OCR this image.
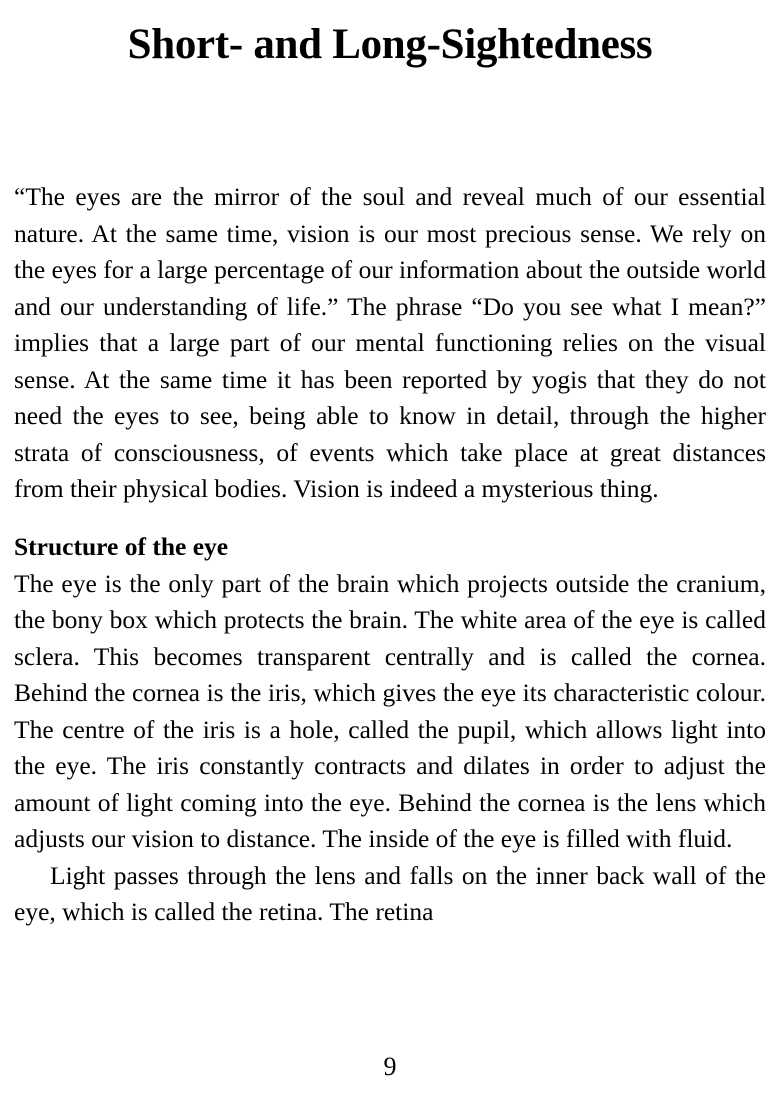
Short- and Long-Sightedness

“The eyes are the mirror of the soul and reveal much of our essential nature. At the same time, vision is our most precious sense. We rely on the eyes for a large percentage of our information about the outside world and our understanding of life.” The phrase “Do you see what I mean?” implies that a large part of our mental functioning relies on the visual sense. At the same time it has been reported by yogis that they do not need the eyes to see, being able to know in detail, through the higher strata of consciousness, of events which take place at great distances from their physical bodies. Vision is indeed a mysterious thing.

Structure of the eye

The eye is the only part of the brain which projects outside the cranium, the bony box which protects the brain. The white area of the eye is called sclera. This becomes transparent centrally and is called the cornea. Behind the cornea is the iris, which gives the eye its characteristic colour. The centre of the iris is a hole, called the pupil, which allows light into the eye. The iris constantly contracts and dilates in order to adjust the amount of light coming into the eye. Behind the cornea is the lens which adjusts our vision to distance. The inside of the eye is filled with fluid.

Light passes through the lens and falls on the inner back wall of the eye, which is called the retina. The retina

9
